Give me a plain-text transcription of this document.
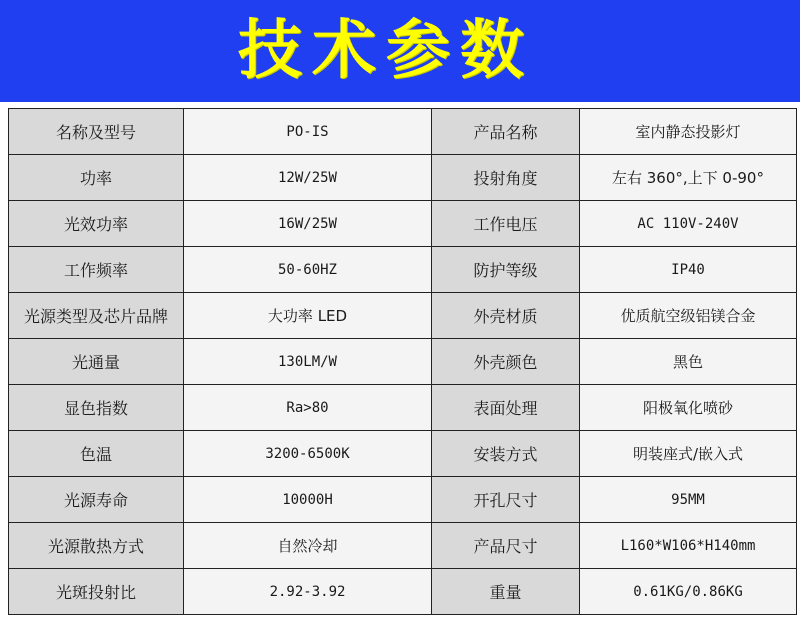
技术参数
名称及型号	PO-IS	产品名称	室内静态投影灯
功率	12W/25W	投射角度	左右 360°,上下 0-90°
光效功率	16W/25W	工作电压	AC 110V-240V
工作频率	50-60HZ	防护等级	IP40
光源类型及芯片品牌	大功率 LED	外壳材质	优质航空级铝镁合金
光通量	130LM/W	外壳颜色	黑色
显色指数	Ra>80	表面处理	阳极氧化喷砂
色温	3200-6500K	安装方式	明装座式/嵌入式
光源寿命	10000H	开孔尺寸	95MM
光源散热方式	自然冷却	产品尺寸	L160*W106*H140mm
光斑投射比	2.92-3.92	重量	0.61KG/0.86KG
